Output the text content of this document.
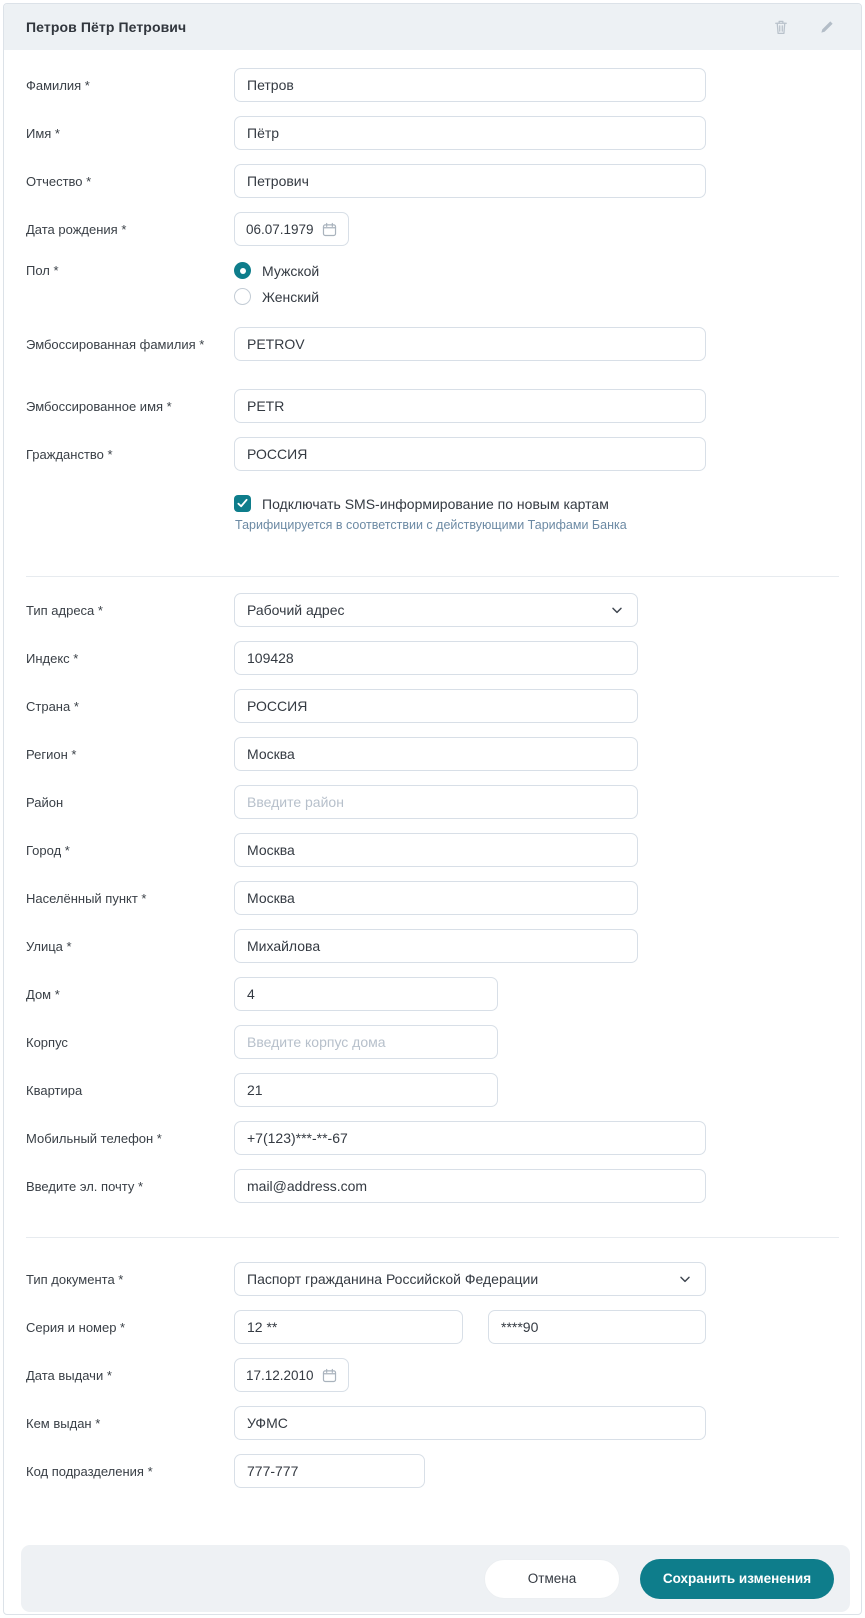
Петров Пётр Петрович
Фамилия *
Петров
Имя *
Пётр
Отчество *
Петрович
Дата рождения *	06.07.1979
Пол *	Мужской
Женский
Эмбоссированная фамилия *
PETROV
Эмбоссированное имя *
PETR
Гражданство *
РОССИЯ
Подключать SMS-информирование по новым картам
Тарифицируется в соответствии с действующими Тарифами Банка
Тип адреса *	Рабочий адрес
Индекс *
109428
Страна *
РОССИЯ
Регион *
Москва
Район
Введите район
Город *
Москва
Населённый пункт *
Москва
Улица *
Михайлова
Дом *
4
Корпус
Введите корпус дома
Квартира
21
Мобильный телефон *
+7(123)***-**-67
Введите эл. почту *
mail@address.com
Тип документа *	Паспорт гражданина Российской Федерации
Серия и номер *
12 **
****90
Дата выдачи *	17.12.2010
Кем выдан *
УФМС
Код подразделения *
777-777
Отмена	Сохранить изменения
